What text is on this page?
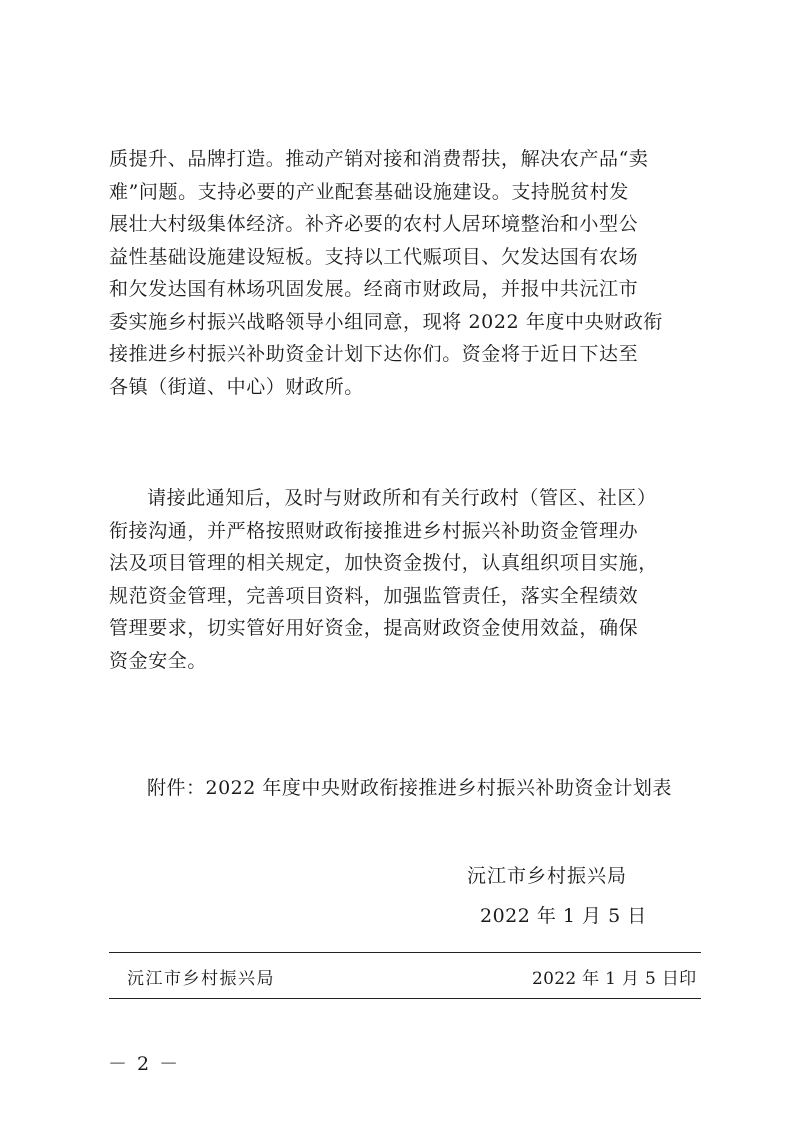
质提升、品牌打造。推动产销对接和消费帮扶，解决农产品“卖
难”问题。支持必要的产业配套基础设施建设。支持脱贫村发
展壮大村级集体经济。补齐必要的农村人居环境整治和小型公
益性基础设施建设短板。支持以工代赈项目、欠发达国有农场
和欠发达国有林场巩固发展。经商市财政局，并报中共沅江市
委实施乡村振兴战略领导小组同意，现将 2022 年度中央财政衔
接推进乡村振兴补助资金计划下达你们。资金将于近日下达至
各镇（街道、中心）财政所。
请接此通知后，及时与财政所和有关行政村（管区、社区）
衔接沟通，并严格按照财政衔接推进乡村振兴补助资金管理办
法及项目管理的相关规定，加快资金拨付，认真组织项目实施，
规范资金管理，完善项目资料，加强监管责任，落实全程绩效
管理要求，切实管好用好资金，提高财政资金使用效益，确保
资金安全。
附件：2022 年度中央财政衔接推进乡村振兴补助资金计划表
沅江市乡村振兴局
2022 年 1 月 5 日
沅江市乡村振兴局	2022 年 1 月 5 日印
－ 2 －
